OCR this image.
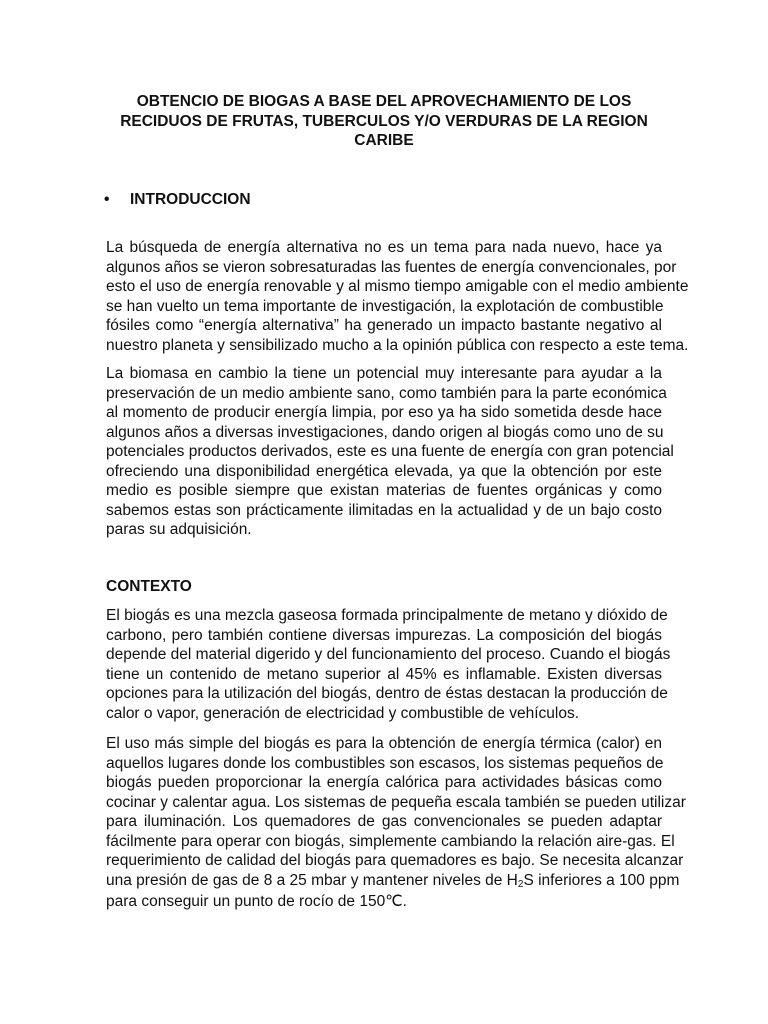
OBTENCIO DE BIOGAS A BASE DEL APROVECHAMIENTO DE LOS
RECIDUOS DE FRUTAS, TUBERCULOS Y/O VERDURAS DE LA REGION
CARIBE
• INTRODUCCION
La búsqueda de energía alternativa no es un tema para nada nuevo, hace ya
algunos años se vieron sobresaturadas las fuentes de energía convencionales, por
esto el uso de energía renovable y al mismo tiempo amigable con el medio ambiente
se han vuelto un tema importante de investigación, la explotación de combustible
fósiles como “energía alternativa” ha generado un impacto bastante negativo al
nuestro planeta y sensibilizado mucho a la opinión pública con respecto a este tema.
La biomasa en cambio la tiene un potencial muy interesante para ayudar a la
preservación de un medio ambiente sano, como también para la parte económica
al momento de producir energía limpia, por eso ya ha sido sometida desde hace
algunos años a diversas investigaciones, dando origen al biogás como uno de su
potenciales productos derivados, este es una fuente de energía con gran potencial
ofreciendo una disponibilidad energética elevada, ya que la obtención por este
medio es posible siempre que existan materias de fuentes orgánicas y como
sabemos estas son prácticamente ilimitadas en la actualidad y de un bajo costo
paras su adquisición.
CONTEXTO
El biogás es una mezcla gaseosa formada principalmente de metano y dióxido de
carbono, pero también contiene diversas impurezas. La composición del biogás
depende del material digerido y del funcionamiento del proceso. Cuando el biogás
tiene un contenido de metano superior al 45% es inflamable. Existen diversas
opciones para la utilización del biogás, dentro de éstas destacan la producción de
calor o vapor, generación de electricidad y combustible de vehículos.
El uso más simple del biogás es para la obtención de energía térmica (calor) en
aquellos lugares donde los combustibles son escasos, los sistemas pequeños de
biogás pueden proporcionar la energía calórica para actividades básicas como
cocinar y calentar agua. Los sistemas de pequeña escala también se pueden utilizar
para iluminación. Los quemadores de gas convencionales se pueden adaptar
fácilmente para operar con biogás, simplemente cambiando la relación aire-gas. El
requerimiento de calidad del biogás para quemadores es bajo. Se necesita alcanzar
una presión de gas de 8 a 25 mbar y mantener niveles de $H_2S$ inferiores a 100 ppm
para conseguir un punto de rocío de 150℃.
